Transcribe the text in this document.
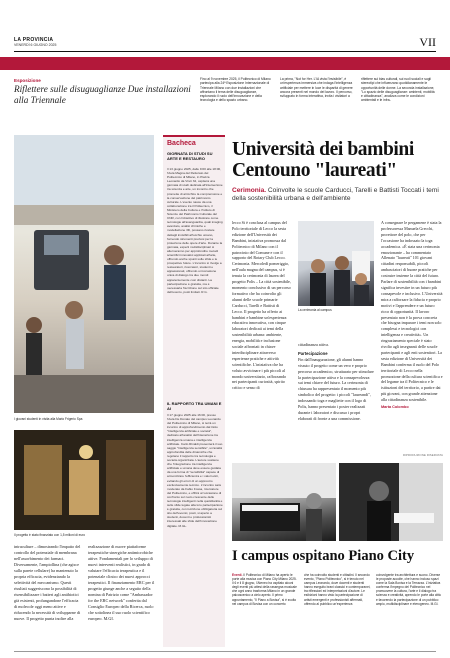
LA PROVINCIA
VENERDÌ 6 GIUGNO 2025	VII
Esposizione
Riflettere sulle disuguaglianze Due installazioni alla Triennale
Fino al 9 novembre 2025, il Politecnico di Milano partecipa alla 24ª Esposizione Internazionale di Triennale Milano con due installazioni che affrontano il tema delle disuguaglianze, esplorando il ruolo dell'innovazione e della tecnologia e dello spazio urbano.
La prima, "Not for Her. L'IA vista l'invisibile", è un'esperienza immersiva che indaga l'intelligenza artificiale per mettere in luce le disparità di genere ancora presenti nel mondo del lavoro. Il percorso, sviluppato in forma interattiva, invita i visitatori a
riflettere sui bias culturali, sui ruoli sociali e sugli stereotipi che influenzano quotidianamente le opportunità delle donne. La seconda installazione, "Lo spazio delle disuguaglianze: ambienti, mobilità e cittadinanza", analizza come le condizioni ambientali e le infra-
I giovani studenti in visita alla Mario Frigerio Spa
Il progetto è stato finanziato con 1,5 milioni di euro
intraculture – dimostrando l'impatto del controllo del potenziale di membrana nell'assorbimento dei farmaci. Diversamente, l'ampiollina (che agisce sulla parete cellulare) ha mantenuto la propria efficacia, evidenziando la selettività del meccanismo. Questi risultati suggeriscono la possibilità di risensibilizzare i batteri agli antibiotici già esistenti, prolungandone l'efficacia di molecole oggi meno attive e riducendo la necessità di svilupparne di nuove. Il progetto punta inoltre alla
realizzazione di nuove piattaforme terapeutiche sinergiche antimicrobiche attive. Fondamentali per lo sviluppo di nuovi interventi realistici, in grado di valutare l'efficacia terapeutica e il potenziale clinico dei nuovi approcci terapeutici. Il finanziamento ERC per il progetto giunge anche a seguito della nomina di Patrizio come "Ambassador for the ERC network" conferita dal Consiglio Europeo della Ricerca, ruolo che sottolinea il suo ruolo scientifico europeo. M.GI.
Bacheca
GIORNATA DI STUDI SU ARTE E RESTAURO
Il 13 giugno 2025, dalle 9:00 alle 18:00, l'Aula Magna del Rettorato del Politecnico di Milano, in Piazza Leonardo da Vinci 32, ospiterà una giornata di studi dedicata all'intersezione tra scienza e arte, un incontro che promette di arricchire la comprensione e la conservazione del patrimonio culturale. L'evento nasce da una collaborazione tra il Politecnico, il Ministero della Cultura e l'Istituto di Scienze del Patrimonio Culturale del CNR, con l'obiettivo di illustrare come tecnologie all'avanguardia, quali imaging avanzato, analisi chimiche e modellazione 3D, possano rivelare dettagli invisibili all'occhio umano, fornendo strumenti preziosi per la protezione delle opere d'arte. Durante la giornata, esperti multidisciplinari si alterneranno per approfondire metodi scientifici innovativi applicati all'arte, offrendo anche spunti sulle sfide e le prospettive future. L'incontro si rivolge a restauratori, ricercatori, studenti e appassionati, offrendo un'occasione unica di dialogo tra due mondi apparentemente così distanti. La partecipazione è gratuita, ma è necessaria l'iscrizione sul sito ufficiale dell'evento, posti limitati. R.G.
IL RAPPORTO TRA UMANI E AI
Il 17 giugno 2025 alle 16:00, presso l'Aula De Donato del campus Leonardo del Politecnico di Milano, si terrà un incontro di approfondimento dal titolo "Intelligenza artificiale e società", dedicato all'analisi dell'interazione tra intelligenza umana e intelligenza artificiale. Carlo Rinaldi presenterà il suo saggio "Intelligenza sensibile", un'analisi approfondita delle dinamiche che regolano il rapporto tra tecnologia e società organizzata. L'autore sostiene che l'integrazione tra intelligenza artificiale e umana deve essere guidata da una forma di "sensibilità" capace di armonizzare l'efficienza e i valori etici, evitando gli errori di un approccio esclusivamente tecnico. L'incontro sarà moderato da Fabio Fossa, ricercatore del Politecnico, e offrirà un'occasione di confronto sul ruolo crescente delle tecnologie intelligenti nella quotidianità e sulle sfide legate alla loro partecipazione è gratuita, con iscrizione obbligatoria sul sito dell'evento; posti, si aperto a studenti, docenti e professionisti interessati alle sfide dell'innovazione digitale. M.GL.
Università dei bambini Centouno "laureati"
Cerimonia. Coinvolte le scuole Carducci, Tarelli e Battisti Toccati i temi della sostenibilità urbana e dell'ambiente
lecco Si è conclusa al campus del Polo territoriale di Lecco la sesta edizione dell'Università dei Bambini, iniziativa promossa dal Politecnico di Milano con il patrocinio del Comune e con il supporto del Rotary Club Lecco. Cerimonia. Mercoledì pomeriggio, nell'aula magna del campus, si è tenuta la cerimonia di laurea del progetto Polis – La città sostenibile, momento conclusivo di un percorso formativo che ha coinvolto gli alunni delle scuole primarie Carducci, Tarelli e Battisti di Lecco. Il progetto ha offerto ai bambini e bambine un'esperienza educativa innovativa, con cinque laboratori dedicati ai temi della sostenibilità urbana: ambiente, energia, mobilità e inclusione sociale affrontati in chiave interdisciplinare attraverso esperienze pratiche e attività scientifiche. L'iniziativa che ha voluto avvicinare i più piccoli al mondo universitario, rafforzando nei partecipanti curiosità, spirito critico e senso di
La cerimonia al campus
cittadinanza attiva.
Partecipazione
Fin dall'inaugurazione, gli alunni hanno vissuto il progetto come un vero e proprio percorso accademico, strutturato per stimolare la partecipazione attiva e la consapevolezza sui temi chiave del futuro. La cerimonia di chiusura ha rappresentato il momento più simbolico del progetto: i piccoli "laureandi", indossando toga e magliette con il logo di Polis, hanno presentato i poster realizzati durante i laboratori e discusso i propri elaborati di fronte a una commissione.
A consegnare le pergamene è stata la professoressa Manuela Grecchi, prorettore del polo, che per l'occasione ha indossato la toga accademica. «È stata una cerimonia emozionante – ha commentato Allenato "laureati" 101 giovani cittadini responsabili, piccoli ambasciatori di buone pratiche per costruire insieme la città del futuro. Parlare di sostenibilità con i bambini significa investire in un futuro più consapevole e inclusivo. L'Università mira a rafforzare la fiducia e proprio motivi e l'apprendere e un futuro ricco di opportunità. Il lavoro presentato non è la prova concreta che bisogna imparare i temi non solo complessi e tecnologici con intelligenza e creatività». Un ringraziamento speciale è stato rivolto agli insegnanti delle scuole partecipanti e agli enti sostenitori. La sesta edizione di Università dei Bambini conferma il ruolo del Polo territoriale di Lecco nella promozione della cultura scientifica e del legame tra il Politecnico e le istituzioni del territorio, a partire dai più giovani, con grande attenzione alla cittadinanza sostenibile.
Marta Colombo
RIPRODUZIONE RISERVATA
I campus ospitano Piano City
Eventi. Il Politecnico di Milano ha aperto le porte alla musica con Piano City Milano 2025. Il 6 e il 8 giugno, l'Ateneo ha ospitato alcuni degli eventi più attesi della rassegna musicale che ogni anno trasforma Milano in un grande palcoscenico a cielo aperto. Il primo appuntamento, "Il Piano a Bovisa", si è svolto nel campus di Bovisa con un concerto
che ha coinvolto studenti e cittadini. Il secondo evento, "Piano Politecnico", si è tenuto nel campus Leonardo, dove docenti e studenti hanno eseguito brani classici e contemporanei, tra riflessioni ed interpretazioni d'autore. Le esibizioni hanno visto la partecipazione di artisti emergenti e professionisti affermati, offrendo al pubblico un'esperienza
coinvolgente tra architettura e suono. Diverse le proposte accolte, che hanno incluso spazi come la Sala Bovisa e la Terrazza. L'iniziativa conferma l'impegno del Politecnico nel promuovere la cultura, l'arte e il dialogo tra scienza e creatività, aprendo le porte alla città e favorendo la partecipazione di un pubblico ampio, multidisciplinare e eterogeneo. M.GI.
